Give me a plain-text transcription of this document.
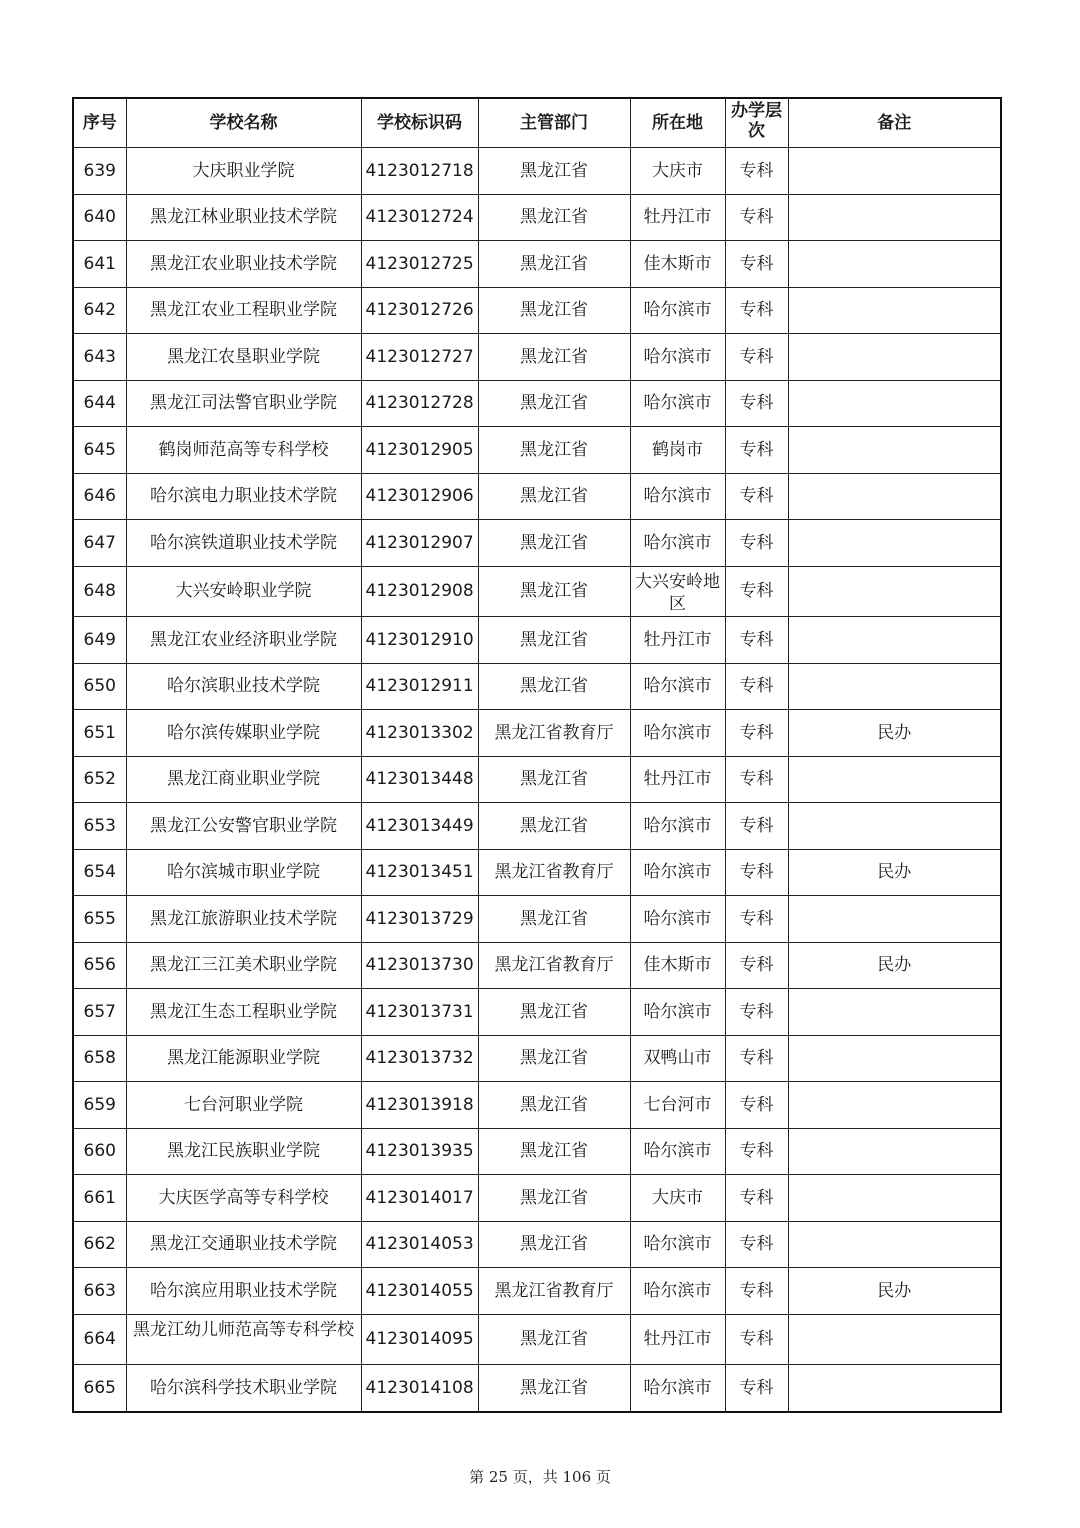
序号	学校名称	学校标识码	主管部门	所在地	办学层次	备注
639	大庆职业学院	4123012718	黑龙江省	大庆市	专科	
640	黑龙江林业职业技术学院	4123012724	黑龙江省	牡丹江市	专科	
641	黑龙江农业职业技术学院	4123012725	黑龙江省	佳木斯市	专科	
642	黑龙江农业工程职业学院	4123012726	黑龙江省	哈尔滨市	专科	
643	黑龙江农垦职业学院	4123012727	黑龙江省	哈尔滨市	专科	
644	黑龙江司法警官职业学院	4123012728	黑龙江省	哈尔滨市	专科	
645	鹤岗师范高等专科学校	4123012905	黑龙江省	鹤岗市	专科	
646	哈尔滨电力职业技术学院	4123012906	黑龙江省	哈尔滨市	专科	
647	哈尔滨铁道职业技术学院	4123012907	黑龙江省	哈尔滨市	专科	
648	大兴安岭职业学院	4123012908	黑龙江省	大兴安岭地区	专科	
649	黑龙江农业经济职业学院	4123012910	黑龙江省	牡丹江市	专科	
650	哈尔滨职业技术学院	4123012911	黑龙江省	哈尔滨市	专科	
651	哈尔滨传媒职业学院	4123013302	黑龙江省教育厅	哈尔滨市	专科	民办
652	黑龙江商业职业学院	4123013448	黑龙江省	牡丹江市	专科	
653	黑龙江公安警官职业学院	4123013449	黑龙江省	哈尔滨市	专科	
654	哈尔滨城市职业学院	4123013451	黑龙江省教育厅	哈尔滨市	专科	民办
655	黑龙江旅游职业技术学院	4123013729	黑龙江省	哈尔滨市	专科	
656	黑龙江三江美术职业学院	4123013730	黑龙江省教育厅	佳木斯市	专科	民办
657	黑龙江生态工程职业学院	4123013731	黑龙江省	哈尔滨市	专科	
658	黑龙江能源职业学院	4123013732	黑龙江省	双鸭山市	专科	
659	七台河职业学院	4123013918	黑龙江省	七台河市	专科	
660	黑龙江民族职业学院	4123013935	黑龙江省	哈尔滨市	专科	
661	大庆医学高等专科学校	4123014017	黑龙江省	大庆市	专科	
662	黑龙江交通职业技术学院	4123014053	黑龙江省	哈尔滨市	专科	
663	哈尔滨应用职业技术学院	4123014055	黑龙江省教育厅	哈尔滨市	专科	民办
664	黑龙江幼儿师范高等专科学校	4123014095	黑龙江省	牡丹江市	专科	
665	哈尔滨科学技术职业学院	4123014108	黑龙江省	哈尔滨市	专科	
第 25 页，共 106 页
